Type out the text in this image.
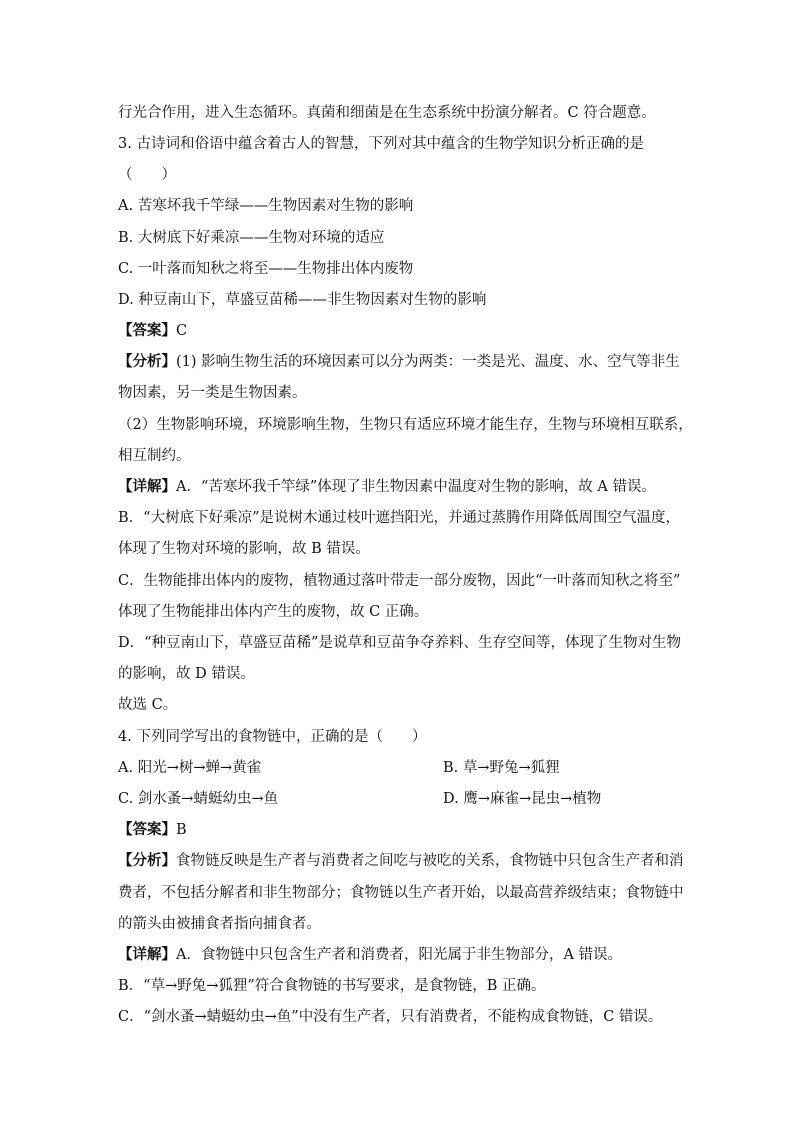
行光合作用，进入生态循环。真菌和细菌是在生态系统中扮演分解者。C 符合题意。
3. 古诗词和俗语中蕴含着古人的智慧，下列对其中蕴含的生物学知识分析正确的是
（　　）
A. 苦寒坏我千竿绿——生物因素对生物的影响
B. 大树底下好乘凉——生物对环境的适应
C. 一叶落而知秋之将至——生物排出体内废物
D. 种豆南山下，草盛豆苗稀——非生物因素对生物的影响
【答案】C
【分析】(1) 影响生物生活的环境因素可以分为两类：一类是光、温度、水、空气等非生
物因素，另一类是生物因素。
（2）生物影响环境，环境影响生物，生物只有适应环境才能生存，生物与环境相互联系，
相互制约。
【详解】A．“苦寒坏我千竿绿”体现了非生物因素中温度对生物的影响，故 A 错误。
B．“大树底下好乘凉”是说树木通过枝叶遮挡阳光，并通过蒸腾作用降低周围空气温度，
体现了生物对环境的影响，故 B 错误。
C．生物能排出体内的废物，植物通过落叶带走一部分废物，因此“一叶落而知秋之将至”
体现了生物能排出体内产生的废物，故 C 正确。
D．“种豆南山下，草盛豆苗稀”是说草和豆苗争夺养料、生存空间等，体现了生物对生物
的影响，故 D 错误。
故选 C。
4. 下列同学写出的食物链中，正确的是（　　）
A. 阳光→树→蝉→黄雀	B. 草→野兔→狐狸
C. 剑水蚤→蜻蜓幼虫→鱼	D. 鹰→麻雀→昆虫→植物
【答案】B
【分析】食物链反映是生产者与消费者之间吃与被吃的关系，食物链中只包含生产者和消
费者，不包括分解者和非生物部分；食物链以生产者开始，以最高营养级结束；食物链中
的箭头由被捕食者指向捕食者。
【详解】A．食物链中只包含生产者和消费者，阳光属于非生物部分，A 错误。
B．“草→野兔→狐狸”符合食物链的书写要求，是食物链，B 正确。
C．“剑水蚤→蜻蜓幼虫→鱼”中没有生产者，只有消费者，不能构成食物链，C 错误。
